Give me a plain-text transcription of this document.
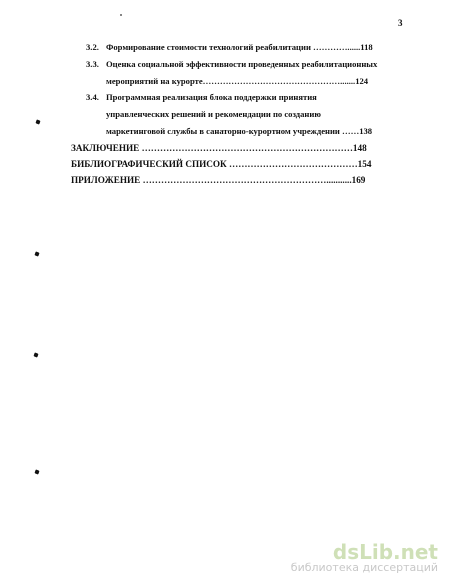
3
3.2. Формирование стоимости технологий реабилитации …………......118
3.3. Оценка социальной эффективности проведенных реабилитационных
мероприятий на курорте………………………………………….......124
3.4. Программная реализация блока поддержки принятия
управленческих решений и рекомендации по созданию
маркетинговой службы в санаторно-курортном учреждении ……138
ЗАКЛЮЧЕНИЕ ……………………………………………………………148
БИБЛИОГРАФИЧЕСКИЙ СПИСОК ……………………………………154
ПРИЛОЖЕНИЕ ……………………………………………………...........169
dsLib.net
библиотека диссертаций
